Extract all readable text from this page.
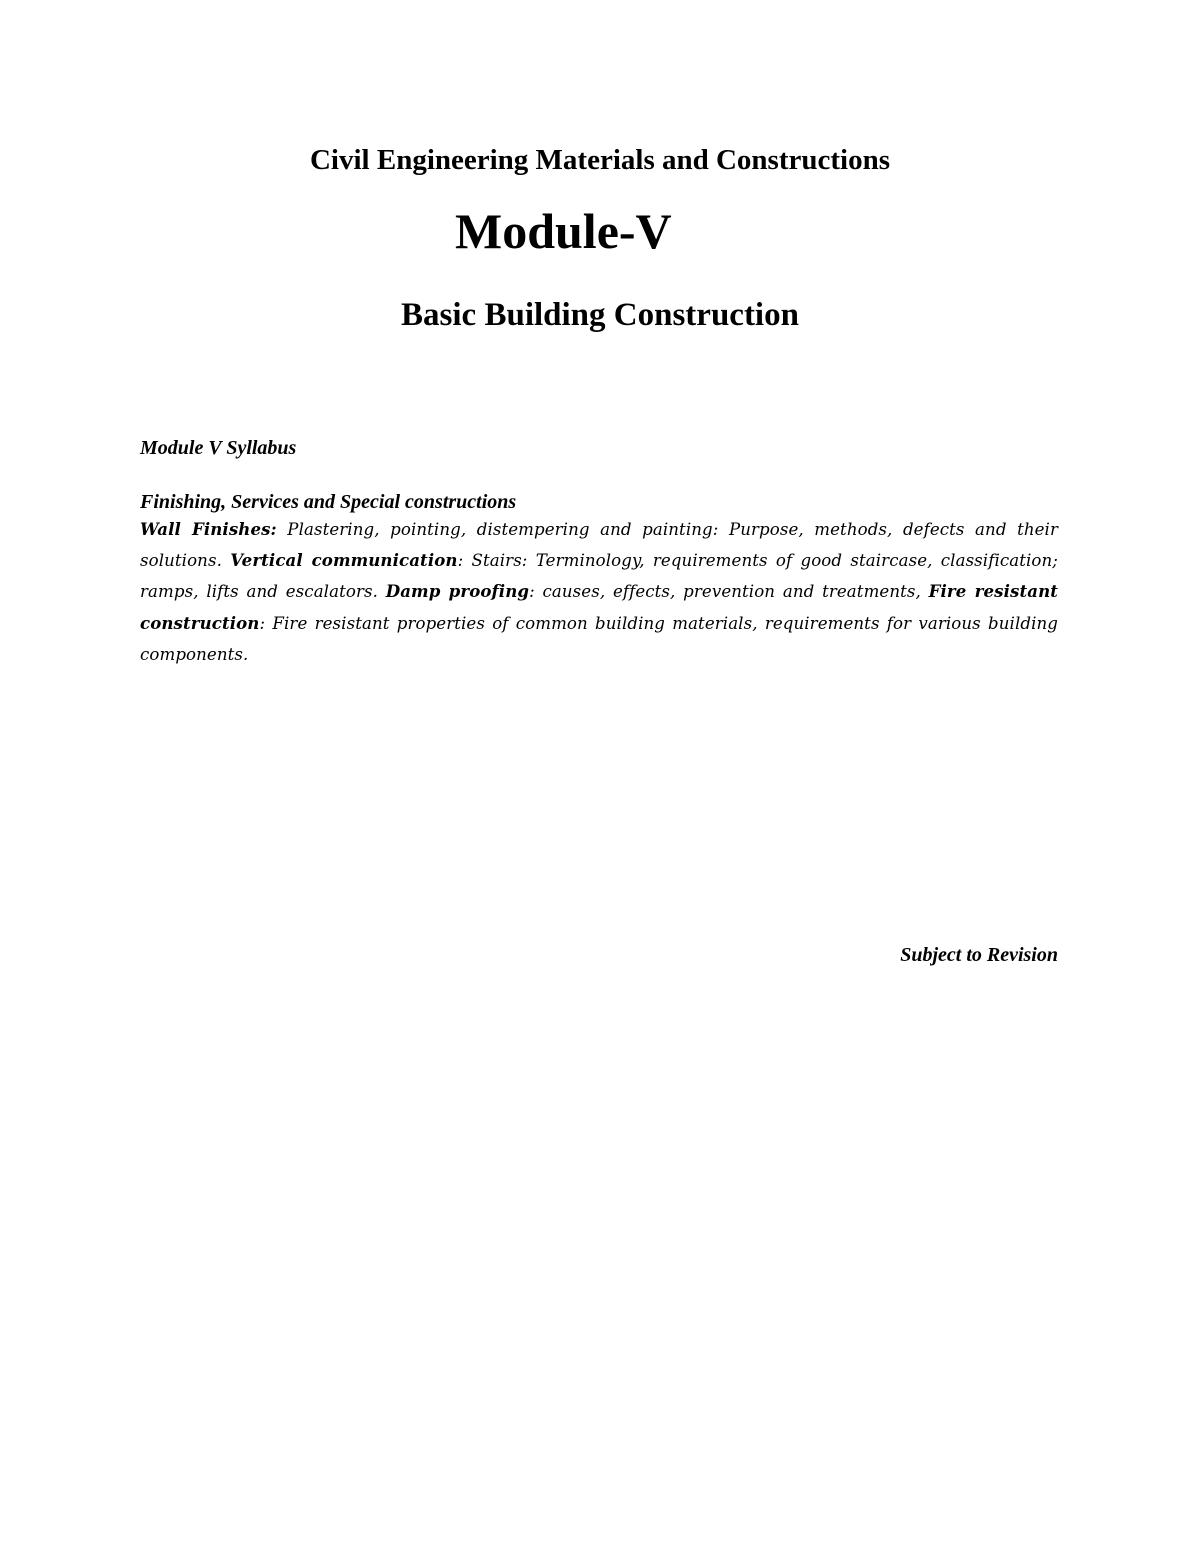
Civil Engineering Materials and Constructions
Module-V
Basic Building Construction

Module V Syllabus

Finishing, Services and Special constructions

Wall Finishes: Plastering, pointing, distempering and painting: Purpose, methods, defects and their solutions. Vertical communication: Stairs: Terminology, requirements of good staircase, classification; ramps, lifts and escalators. Damp proofing: causes, effects, prevention and treatments, Fire resistant construction: Fire resistant properties of common building materials, requirements for various building components.

Subject to Revision
